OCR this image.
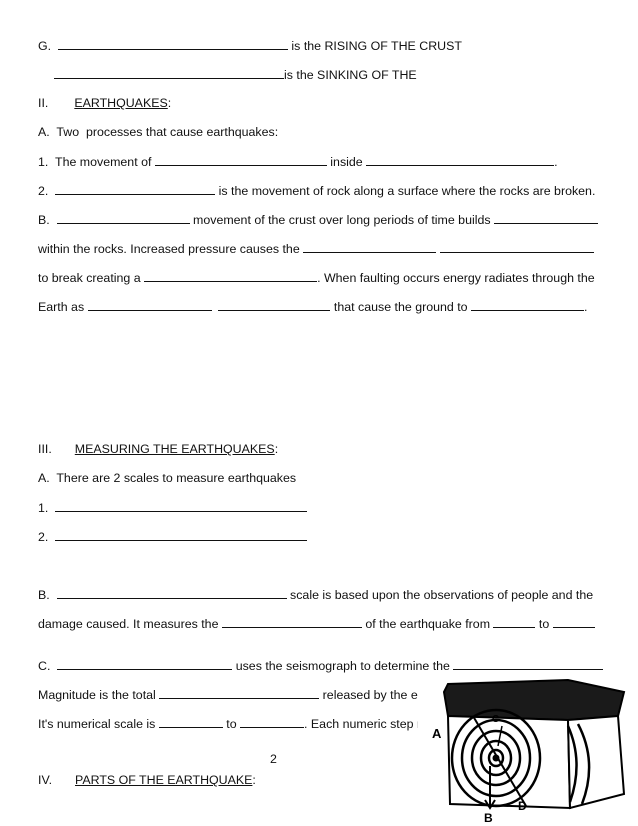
G.	is the RISING OF THE CRUST
is the SINKING OF THE
II. EARTHQUAKES:
A.  Two  processes that cause earthquakes:
1.  The movement of	inside	.
2.	is the movement of rock along a surface where the rocks are broken.
B.	movement of the crust over long periods of time builds
within the rocks. Increased pressure causes the
to break creating a	. When faulting occurs energy radiates through the
Earth as	that cause the ground to	.
III. MEASURING THE EARTHQUAKES:
A.  There are 2 scales to measure earthquakes
1.
2.
B.	scale is based upon the observations of people and the
damage caused. It measures the	of the earthquake from	to
C.	uses the seismograph to determine the
Magnitude is the total	released by the ea
It's numerical scale is	to	. Each numeric step re
2
IV. PARTS OF THE EARTHQUAKE:
A
B
C
D
